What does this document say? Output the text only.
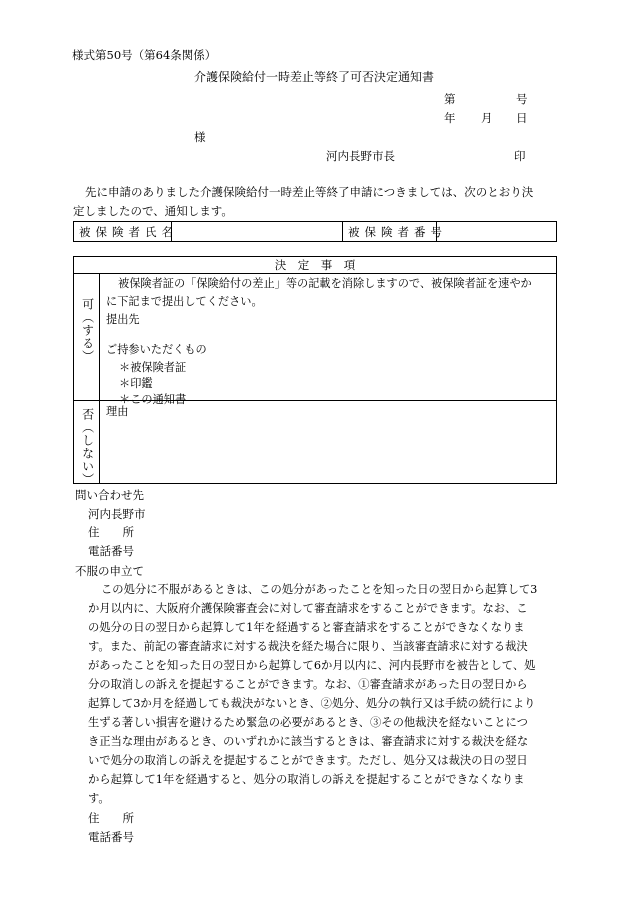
様式第50号（第64条関係）
介護保険給付一時差止等終了可否決定通知書
第	号
年 月 日
様
河内長野市長	印
先に申請のありました介護保険給付一時差止等終了申請につきましては、次のとおり決
定しましたので、通知します。
被保険者氏名	被保険者番号
決　定　事　項
可（する）
被保険者証の「保険給付の差止」等の記載を消除しますので、被保険者証を速やか
に下記まで提出してください。
提出先
ご持参いただくもの
＊被保険者証
＊印鑑
＊この通知書
否（しない） 理由
問い合わせ先
河内長野市
住　　所
電話番号
不服の申立て
この処分に不服があるときは、この処分があったことを知った日の翌日から起算して3
か月以内に、大阪府介護保険審査会に対して審査請求をすることができます。なお、こ
の処分の日の翌日から起算して1年を経過すると審査請求をすることができなくなりま
す。また、前記の審査請求に対する裁決を経た場合に限り、当該審査請求に対する裁決
があったことを知った日の翌日から起算して6か月以内に、河内長野市を被告として、処
分の取消しの訴えを提起することができます。なお、①審査請求があった日の翌日から
起算して3か月を経過しても裁決がないとき、②処分、処分の執行又は手続の続行により
生ずる著しい損害を避けるため緊急の必要があるとき、③その他裁決を経ないことにつ
き正当な理由があるとき、のいずれかに該当するときは、審査請求に対する裁決を経な
いで処分の取消しの訴えを提起することができます。ただし、処分又は裁決の日の翌日
から起算して1年を経過すると、処分の取消しの訴えを提起することができなくなりま
す。
住　　所
電話番号
